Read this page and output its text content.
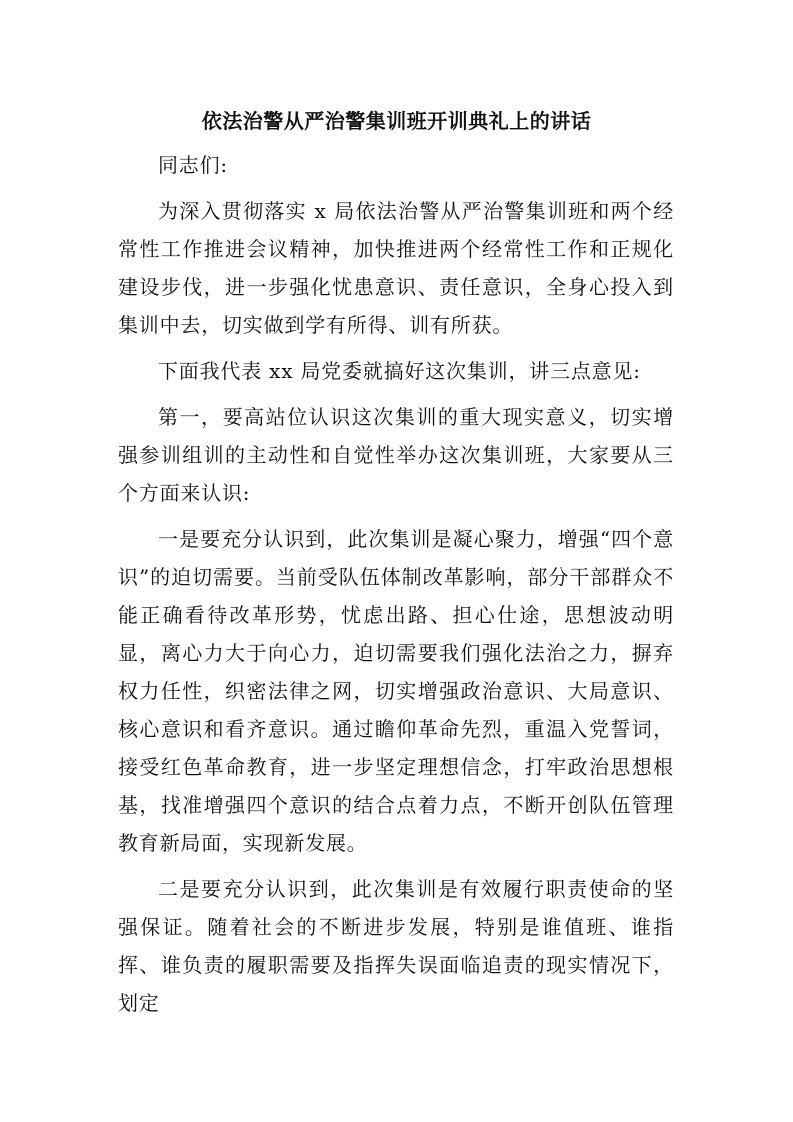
依法治警从严治警集训班开训典礼上的讲话

同志们:

为深入贯彻落实 x 局依法治警从严治警集训班和两个经常性工作推进会议精神，加快推进两个经常性工作和正规化建设步伐，进一步强化忧患意识、责任意识，全身心投入到集训中去，切实做到学有所得、训有所获。

下面我代表 xx 局党委就搞好这次集训，讲三点意见:

第一，要高站位认识这次集训的重大现实意义，切实增强参训组训的主动性和自觉性举办这次集训班，大家要从三个方面来认识:

一是要充分认识到，此次集训是凝心聚力，增强“四个意识”的迫切需要。当前受队伍体制改革影响，部分干部群众不能正确看待改革形势，忧虑出路、担心仕途，思想波动明显，离心力大于向心力，迫切需要我们强化法治之力，摒弃权力任性，织密法律之网，切实增强政治意识、大局意识、核心意识和看齐意识。通过瞻仰革命先烈，重温入党誓词，接受红色革命教育，进一步坚定理想信念，打牢政治思想根基，找准增强四个意识的结合点着力点，不断开创队伍管理教育新局面，实现新发展。

二是要充分认识到，此次集训是有效履行职责使命的坚强保证。随着社会的不断进步发展，特别是谁值班、谁指挥、谁负责的履职需要及指挥失误面临追责的现实情况下，划定
